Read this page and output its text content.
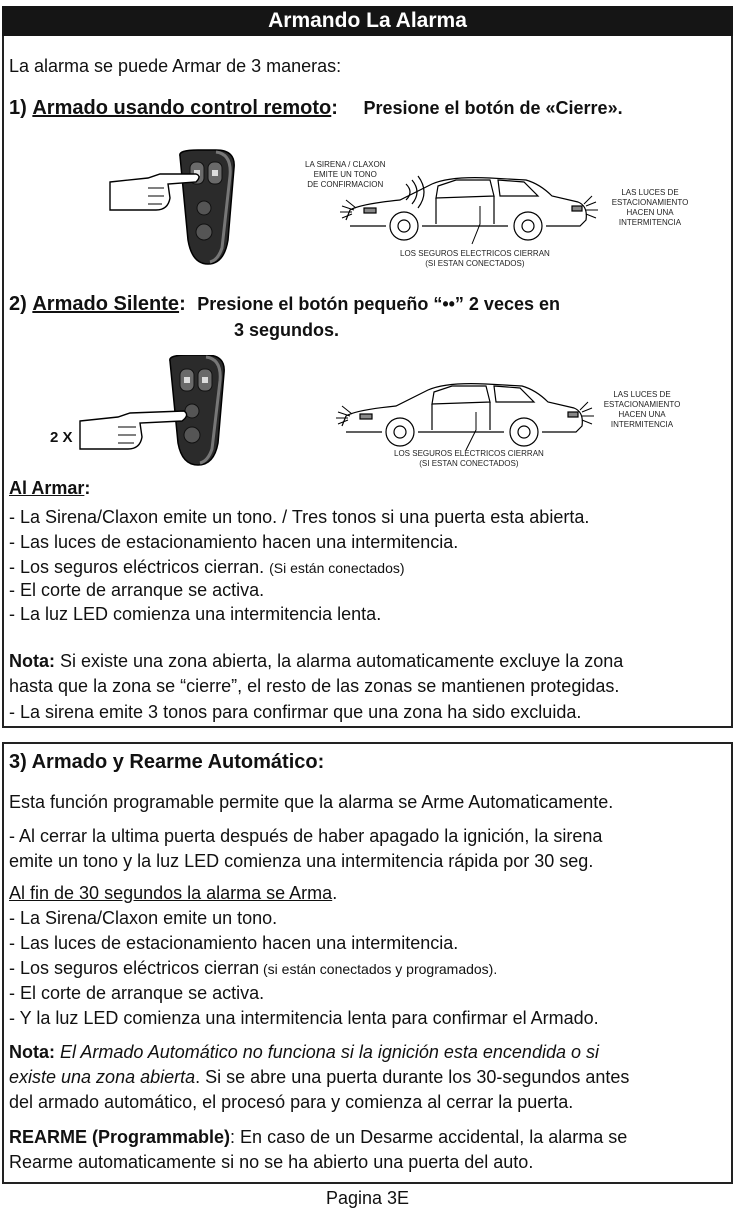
Armando La Alarma
La alarma se puede Armar de 3 maneras:
1) Armado usando control remoto: Presione el botón de «Cierre».
LA SIRENA / CLAXON
EMITE UN TONO
DE CONFIRMACION
LAS LUCES DE
ESTACIONAMIENTO
HACEN UNA
INTERMITENCIA
LOS SEGUROS ELECTRICOS CIERRAN
(SI ESTAN CONECTADOS)
2) Armado Silente: Presione el botón pequeño “••” 2 veces en
3 segundos.
2 X
LAS LUCES DE
ESTACIONAMIENTO
HACEN UNA
INTERMITENCIA
LOS SEGUROS ELECTRICOS CIERRAN
(SI ESTAN CONECTADOS)
Al Armar:
- La Sirena/Claxon emite un tono. / Tres tonos si una puerta esta abierta.
- Las luces de estacionamiento hacen una intermitencia.
- Los seguros eléctricos cierran. (Si están conectados)
- El corte de arranque se activa.
- La luz LED comienza una intermitencia lenta.
Nota: Si existe una zona abierta, la alarma automaticamente excluye la zona
hasta que la zona se “cierre”, el resto de las zonas se mantienen protegidas.
- La sirena emite 3 tonos para confirmar que una zona ha sido excluida.
3) Armado y Rearme Automático:
Esta función programable permite que la alarma se Arme Automaticamente.
- Al cerrar la ultima puerta después de haber apagado la ignición, la sirena
emite un tono y la luz LED comienza una intermitencia rápida por 30 seg.
Al fin de 30 segundos la alarma se Arma.
- La Sirena/Claxon emite un tono.
- Las luces de estacionamiento hacen una intermitencia.
- Los seguros eléctricos cierran (si están conectados y programados).
- El corte de arranque se activa.
- Y la luz LED comienza una intermitencia lenta para confirmar el Armado.
Nota: El Armado Automático no funciona si la ignición esta encendida o si
existe una zona abierta. Si se abre una puerta durante los 30-segundos antes
del armado automático, el procesó para y comienza al cerrar la puerta.
REARME (Programmable): En caso de un Desarme accidental, la alarma se
Rearme automaticamente si no se ha abierto una puerta del auto.
Pagina 3E
